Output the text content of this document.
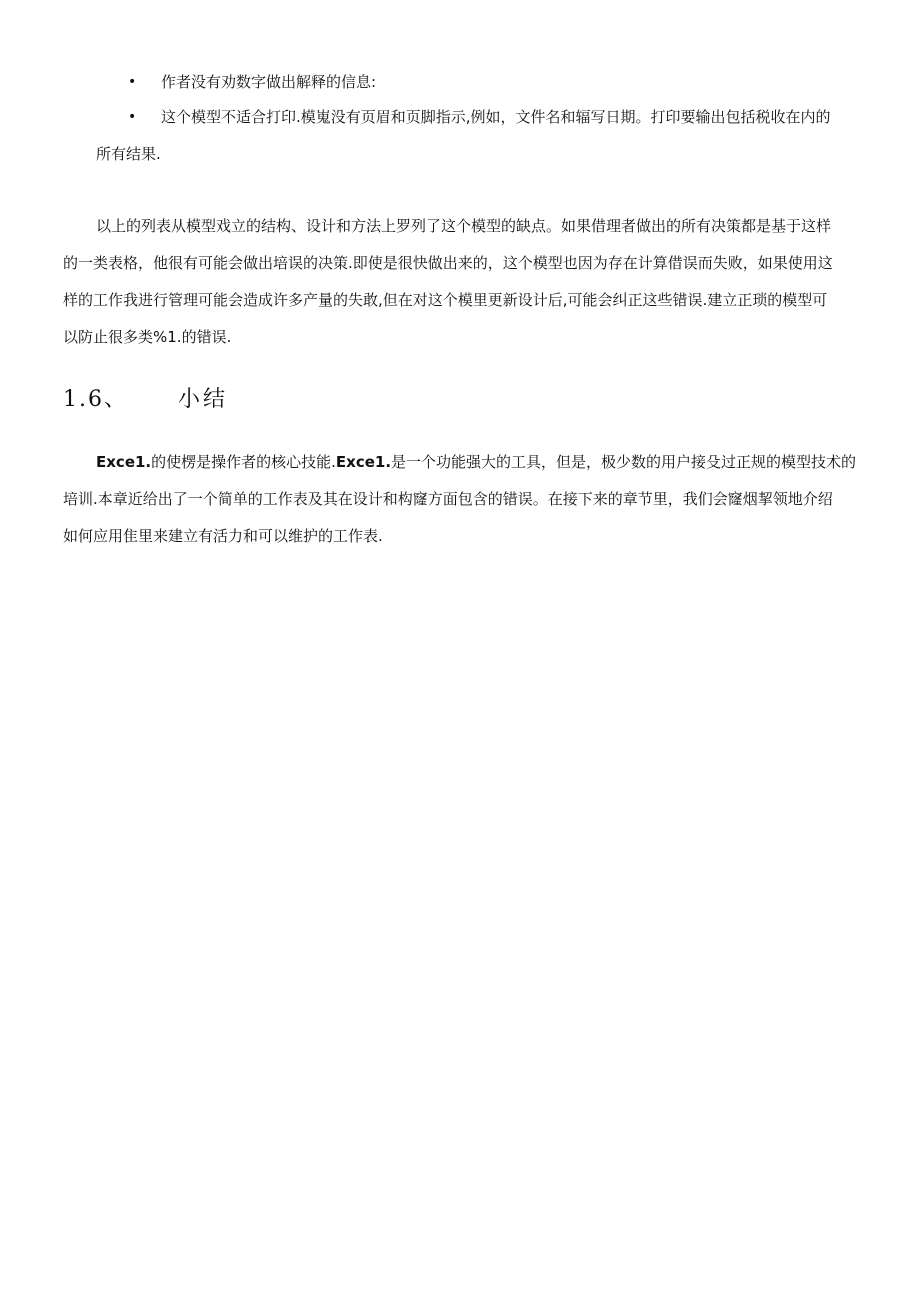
• 作者没有劝数字做出解释的信息:
• 这个模型不适合打印.模嵬没有页眉和页脚指示,例如，文件名和辐写日期。打印要输出包括税收在内的
所有结果.
以上的列表从模型戏立的结构、设计和方法上罗列了这个模型的缺点。如果借理者做出的所有决策都是基于这样
的一类表格，他很有可能会做出培误的决策.即使是很快做出来的，这个模型也因为存在计算借误而失败，如果使用这
样的工作我进行管理可能会造成许多产量的失敢,但在对这个模里更新设计后,可能会纠正这些错误.建立正琐的模型可
以防止很多类%1.的错误.
1.6、 小结
Exce1.的使楞是操作者的核心技能.Exce1.是一个功能强大的工具，但是，极少数的用户接殳过正规的模型技术的
培训.本章近给出了一个简单的工作表及其在设计和构窿方面包含的错误。在接下来的章节里，我们会窿烟挈领地介绍
如何应用隹里来建立有活力和可以维护的工作表.
